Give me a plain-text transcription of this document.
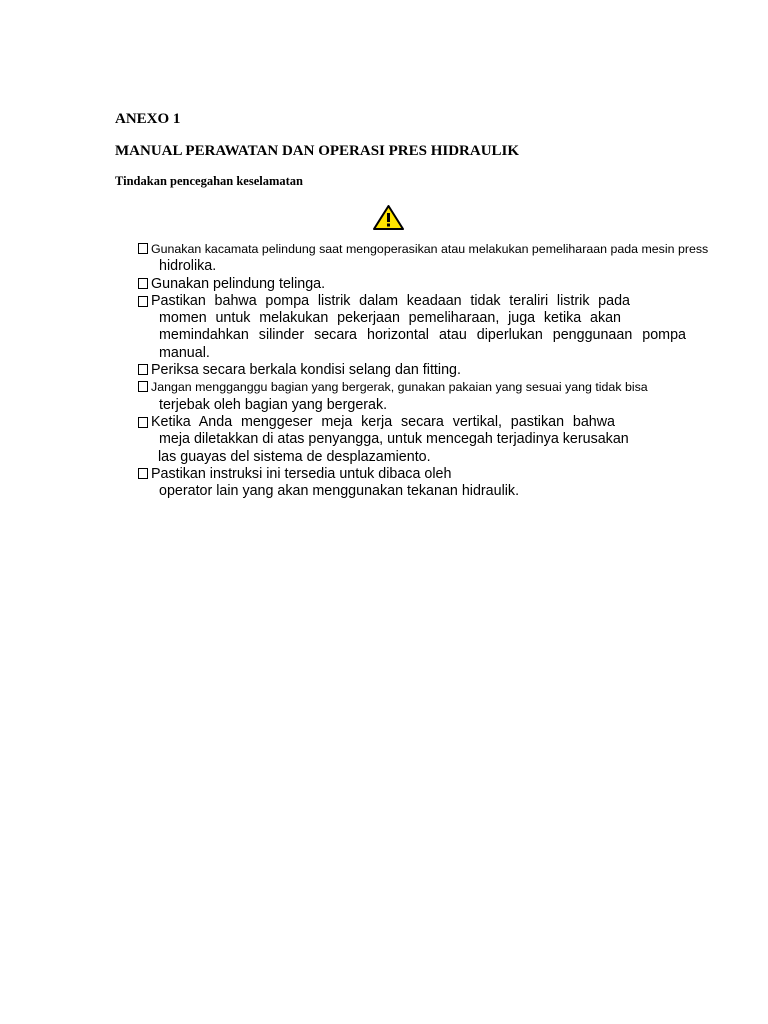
ANEXO 1
MANUAL PERAWATAN DAN OPERASI PRES HIDRAULIK
Tindakan pencegahan keselamatan
Gunakan kacamata pelindung saat mengoperasikan atau melakukan pemeliharaan pada mesin press
hidrolika.
Gunakan pelindung telinga.
Pastikan bahwa pompa listrik dalam keadaan tidak teraliri listrik pada
momen untuk melakukan pekerjaan pemeliharaan, juga ketika akan
memindahkan silinder secara horizontal atau diperlukan penggunaan pompa
manual.
Periksa secara berkala kondisi selang dan fitting.
Jangan mengganggu bagian yang bergerak, gunakan pakaian yang sesuai yang tidak bisa
terjebak oleh bagian yang bergerak.
Ketika Anda menggeser meja kerja secara vertikal, pastikan bahwa
meja diletakkan di atas penyangga, untuk mencegah terjadinya kerusakan
las guayas del sistema de desplazamiento.
Pastikan instruksi ini tersedia untuk dibaca oleh
operator lain yang akan menggunakan tekanan hidraulik.
